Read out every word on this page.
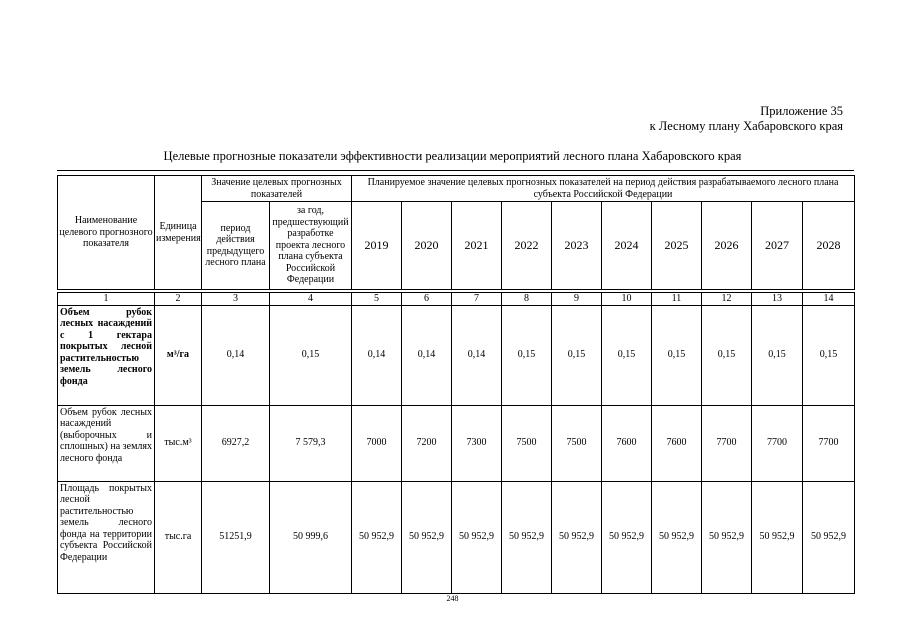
Приложение 35
к Лесному плану Хабаровского края
Целевые прогнозные показатели эффективности реализации мероприятий лесного плана Хабаровского края
Наименование целевого прогнозного показателя	Единица измерения	Значение целевых прогнозных показателей		Планируемое значение целевых прогнозных показателей на период действия разрабатываемого лесного плана субъекта Российской Федерации									
		период действия предыдущего лесного плана	за год, предшествующий разработке проекта лесного плана субъекта Российской Федерации	2019	2020	2021	2022	2023	2024	2025	2026	2027	2028

1	2	3	4	5	6	7	8	9	10	11	12	13	14
Объем рубок лесных насаждений с 1 гектара покрытых лесной растительностью земель лесного фонда	м³/га	0,14	0,15	0,14	0,14	0,14	0,15	0,15	0,15	0,15	0,15	0,15	0,15
Объем рубок лесных насаждений (выборочных и сплошных) на землях лесного фонда	тыс.м³	6927,2	7 579,3	7000	7200	7300	7500	7500	7600	7600	7700	7700	7700
Площадь покрытых лесной растительностью земель лесного фонда на территории субъекта Российской Федерации	тыс.га	51251,9	50 999,6	50 952,9	50 952,9	50 952,9	50 952,9	50 952,9	50 952,9	50 952,9	50 952,9	50 952,9	50 952,9
248
